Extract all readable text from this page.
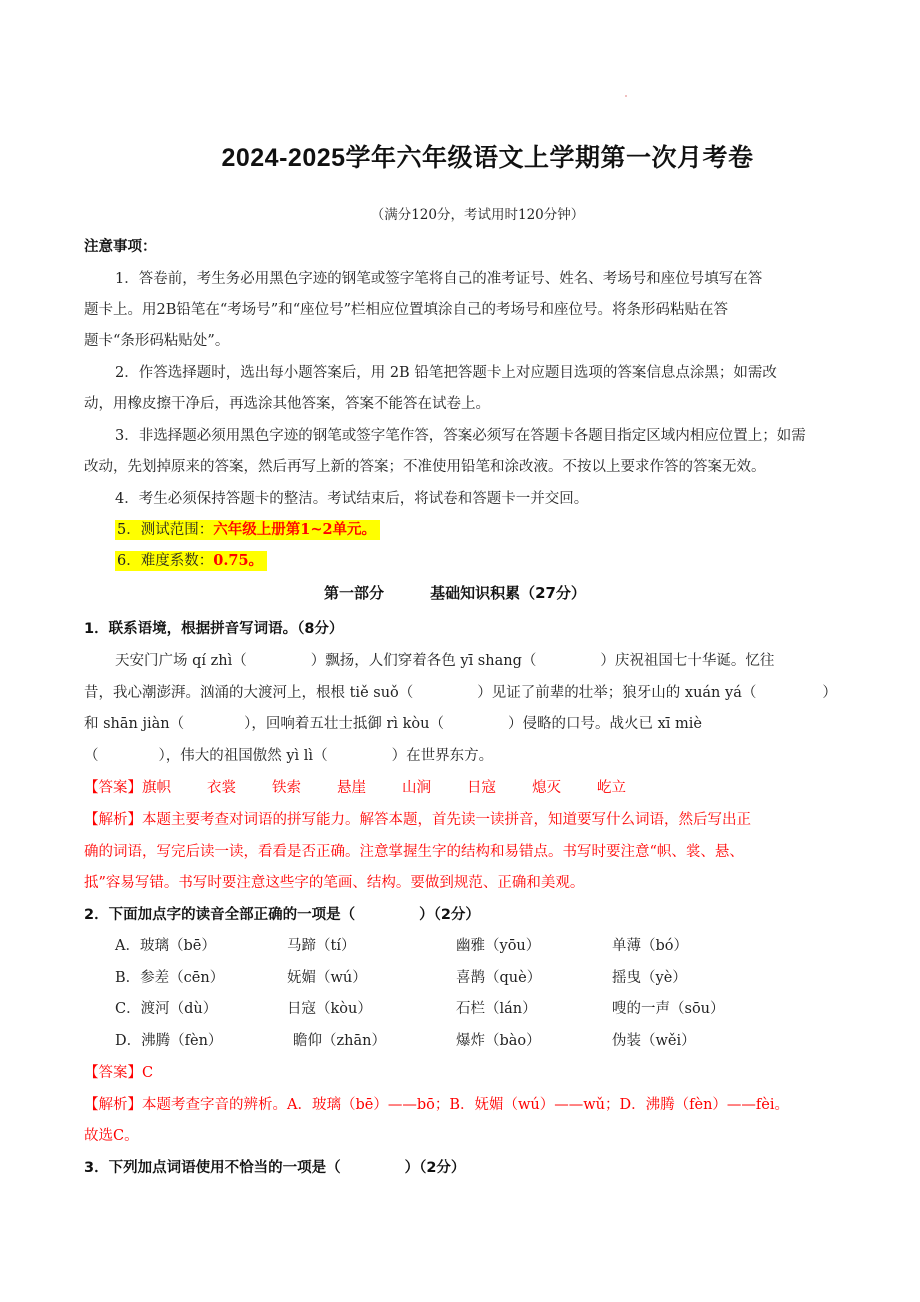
2024-2025学年六年级语文上学期第一次月考卷
（满分120分，考试用时120分钟）
注意事项：
1．答卷前，考生务必用黑色字迹的钢笔或签字笔将自己的准考证号、姓名、考场号和座位号填写在答
题卡上。用2B铅笔在“考场号”和“座位号”栏相应位置填涂自己的考场号和座位号。将条形码粘贴在答
题卡“条形码粘贴处”。
2．作答选择题时，选出每小题答案后，用 2B 铅笔把答题卡上对应题目选项的答案信息点涂黑；如需改
动，用橡皮擦干净后，再选涂其他答案，答案不能答在试卷上。
3．非选择题必须用黑色字迹的钢笔或签字笔作答，答案必须写在答题卡各题目指定区域内相应位置上；如需
改动，先划掉原来的答案，然后再写上新的答案；不准使用铅笔和涂改液。不按以上要求作答的答案无效。
4．考生必须保持答题卡的整洁。考试结束后，将试卷和答题卡一并交回。
5．测试范围：六年级上册第1~2单元。
6．难度系数：0.75。
第一部分	基础知识积累（27分）
1．联系语境，根据拼音写词语。（8分）
天安门广场 qí zhì（	）飘扬，人们穿着各色 yī shang（	）庆祝祖国七十华诞。忆往
昔，我心潮澎湃。汹涌的大渡河上，根根 tiě suǒ（	）见证了前辈的壮举；狼牙山的 xuán yá（	）
和 shān jiàn（	），回响着五壮士抵御 rì kòu（	）侵略的口号。战火已 xī miè
（	），伟大的祖国傲然 yì lì（	）在世界东方。
【答案】旗帜 衣裳 铁索 悬崖 山涧 日寇 熄灭 屹立
【解析】本题主要考查对词语的拼写能力。解答本题，首先读一读拼音，知道要写什么词语，然后写出正
确的词语，写完后读一读，看看是否正确。注意掌握生字的结构和易错点。书写时要注意“帜、裳、悬、
抵”容易写错。书写时要注意这些字的笔画、结构。要做到规范、正确和美观。
2．下面加点字的读音全部正确的一项是（	）（2分）
A．玻璃（bē）	马蹄（tí）	幽雅（yōu）	单薄（bó）
B．参差（cēn）	妩媚（wú）	喜鹊（què）	摇曳（yè）
C．渡河（dù）	日寇（kòu）	石栏（lán）	嗖的一声（sōu）
D．沸腾（fèn）	瞻仰（zhān）	爆炸（bào）	伪装（wěi）
【答案】C
【解析】本题考查字音的辨析。A．玻璃（bē）——bō；B．妩媚（wú）——wǔ；D．沸腾（fèn）——fèi。
故选C。
3．下列加点词语使用不恰当的一项是（	）（2分）
